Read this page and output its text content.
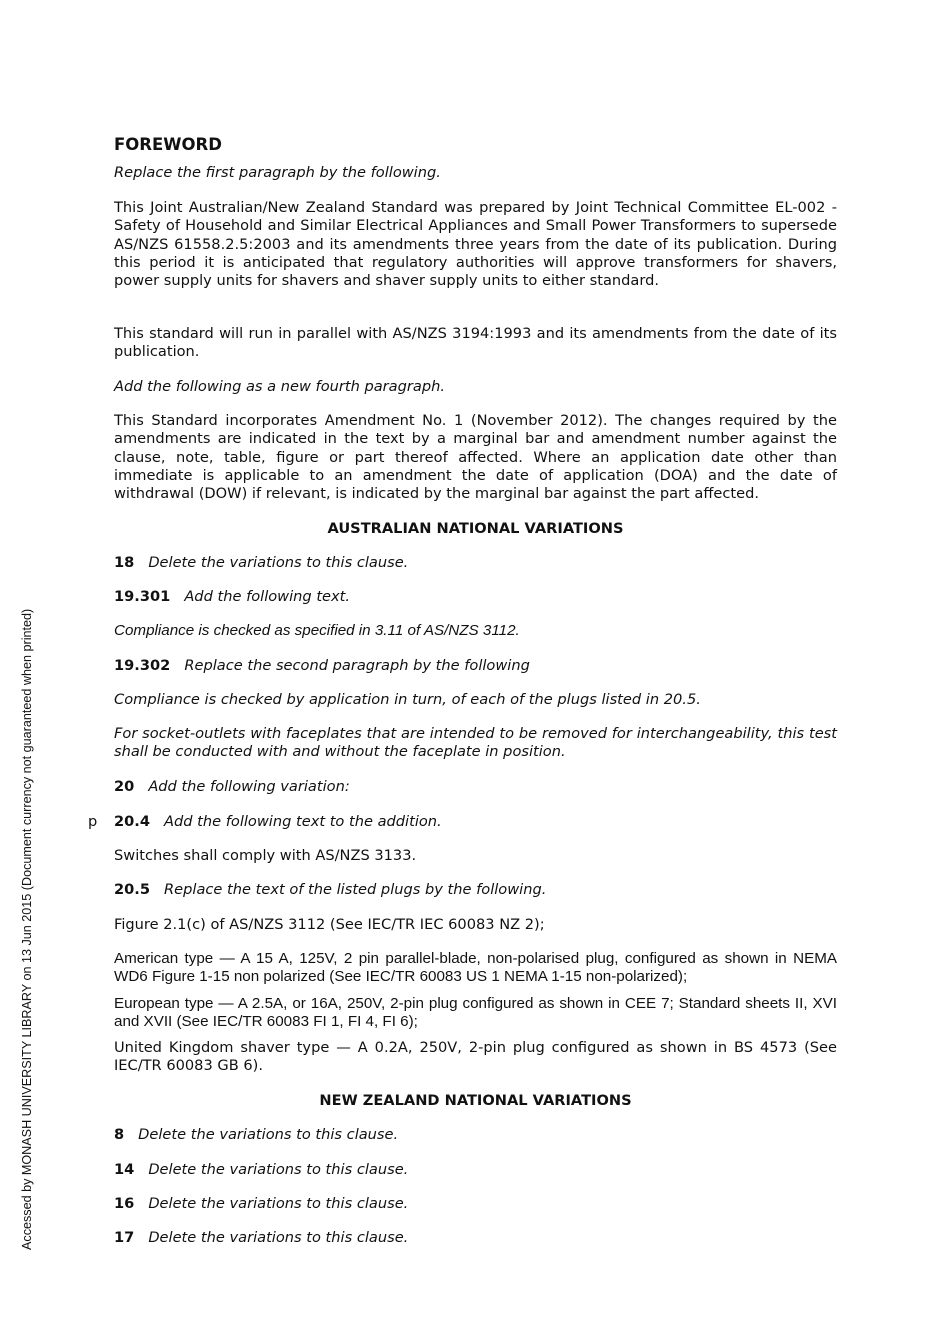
Accessed by MONASH UNIVERSITY LIBRARY on 13 Jun 2015 (Document currency not guaranteed when printed)
FOREWORD

Replace the first paragraph by the following.

This Joint Australian/New Zealand Standard was prepared by Joint Technical Committee EL-002 - Safety of Household and Similar Electrical Appliances and Small Power Transformers to supersede AS/NZS 61558.2.5:2003 and its amendments three years from the date of its publication. During this period it is anticipated that regulatory authorities will approve transformers for shavers, power supply units for shavers and shaver supply units to either standard.

This standard will run in parallel with AS/NZS 3194:1993 and its amendments from the date of its publication.

Add the following as a new fourth paragraph.

This Standard incorporates Amendment No. 1 (November 2012). The changes required by the amendments are indicated in the text by a marginal bar and amendment number against the clause, note, table, figure or part thereof affected. Where an application date other than immediate is applicable to an amendment the date of application (DOA) and the date of withdrawal (DOW) if relevant, is indicated by the marginal bar against the part affected.

AUSTRALIAN NATIONAL VARIATIONS

18 Delete the variations to this clause.

19.301 Add the following text.

Compliance is checked as specified in 3.11 of AS/NZS 3112.

19.302 Replace the second paragraph by the following

Compliance is checked by application in turn, of each of the plugs listed in 20.5.

For socket-outlets with faceplates that are intended to be removed for interchangeability, this test shall be conducted with and without the faceplate in position.

20 Add the following variation:

p 20.4 Add the following text to the addition.

Switches shall comply with AS/NZS 3133.

20.5 Replace the text of the listed plugs by the following.

Figure 2.1(c) of AS/NZS 3112 (See IEC/TR IEC 60083 NZ 2);

American type — A 15 A, 125V, 2 pin parallel-blade, non-polarised plug, configured as shown in NEMA WD6 Figure 1-15 non polarized (See IEC/TR 60083 US 1 NEMA 1-15 non-polarized);

European type — A 2.5A, or 16A, 250V, 2-pin plug configured as shown in CEE 7; Standard sheets II, XVI and XVII (See IEC/TR 60083 FI 1, FI 4, FI 6);

United Kingdom shaver type — A 0.2A, 250V, 2-pin plug configured as shown in BS 4573 (See IEC/TR 60083 GB 6).

NEW ZEALAND NATIONAL VARIATIONS

8 Delete the variations to this clause.

14 Delete the variations to this clause.

16 Delete the variations to this clause.

17 Delete the variations to this clause.
